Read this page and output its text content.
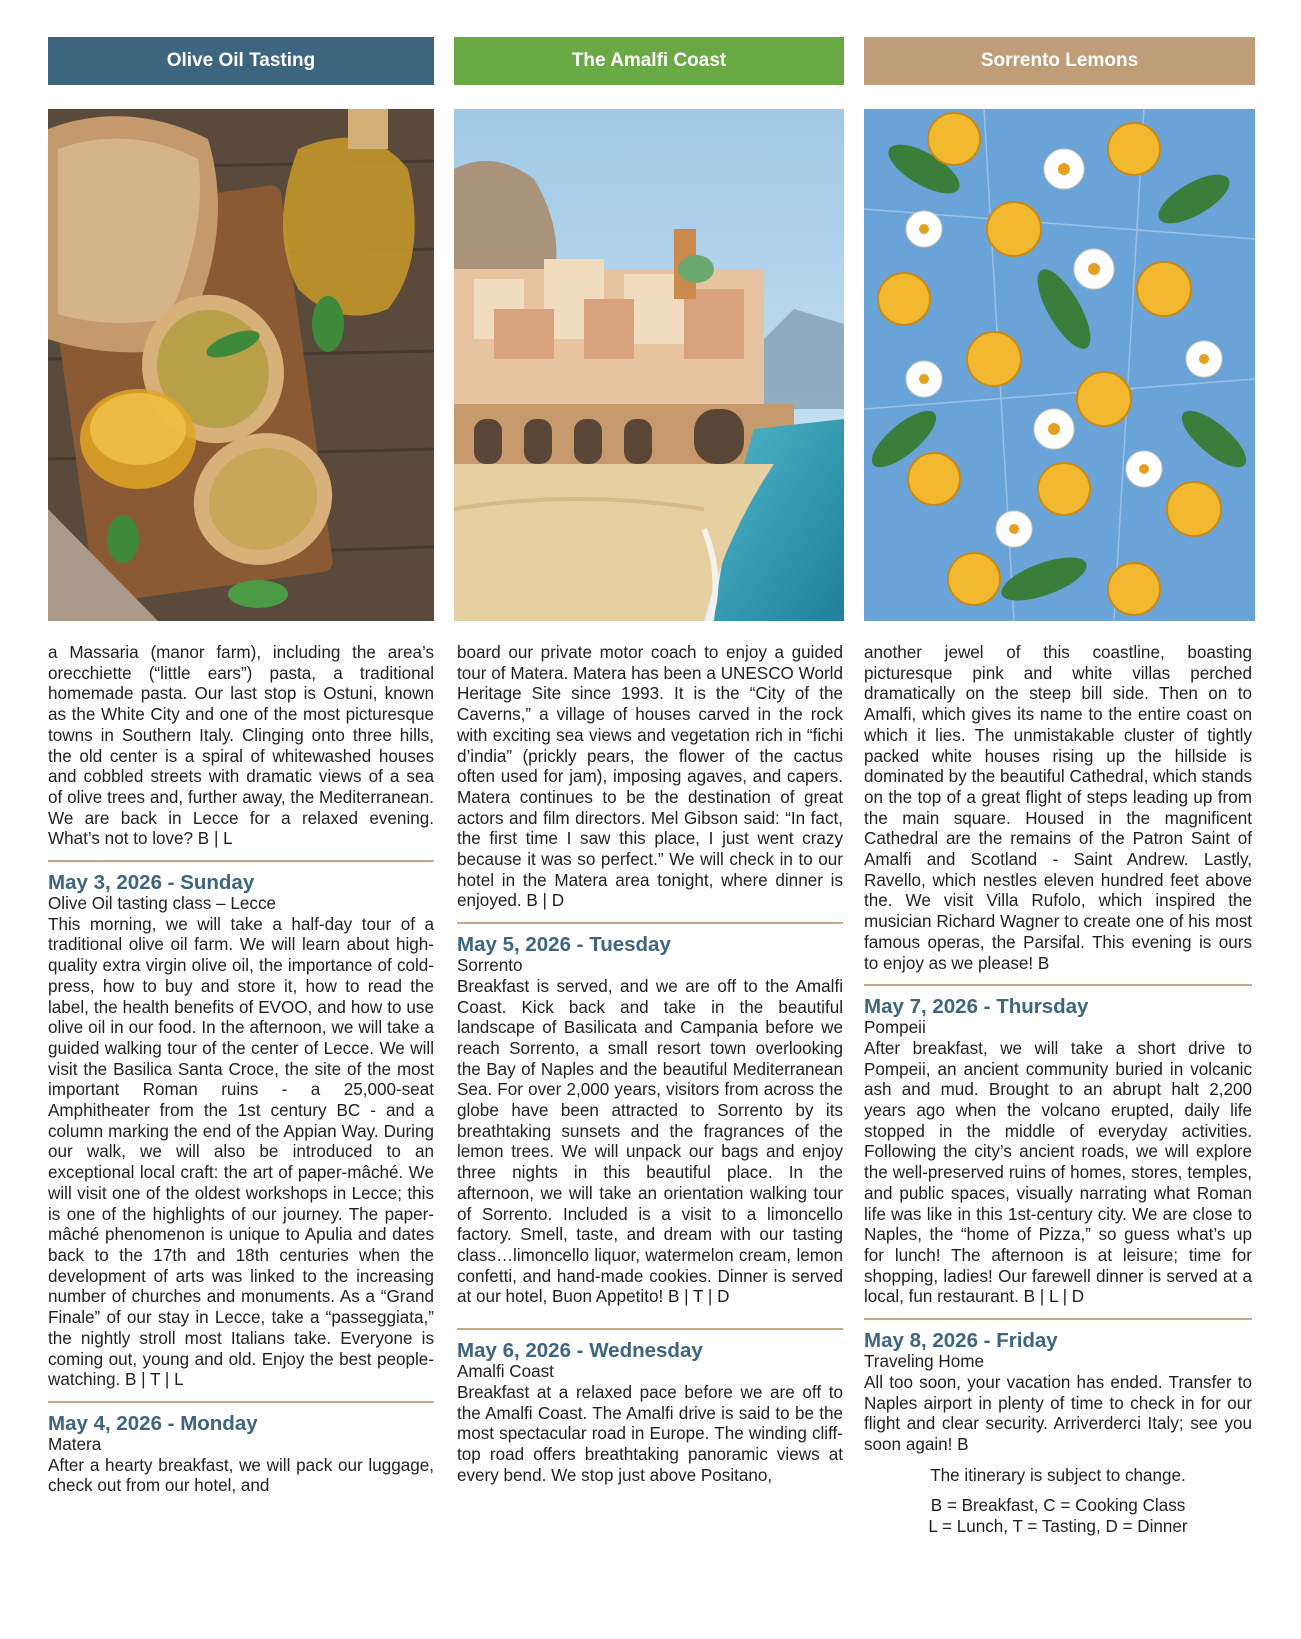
Olive Oil Tasting	The Amalfi Coast	Sorrento Lemons

a Massaria (manor farm), including the area’s orecchiette (“little ears”) pasta, a traditional homemade pasta. Our last stop is Ostuni, known as the White City and one of the most picturesque towns in Southern Italy. Clinging onto three hills, the old center is a spiral of whitewashed houses and cobbled streets with dramatic views of a sea of olive trees and, further away, the Mediterranean. We are back in Lecce for a relaxed evening. What’s not to love? B | L

May 3, 2026 - Sunday
Olive Oil tasting class – Lecce

This morning, we will take a half-day tour of a traditional olive oil farm. We will learn about high-quality extra virgin olive oil, the importance of cold-press, how to buy and store it, how to read the label, the health benefits of EVOO, and how to use olive oil in our food. In the afternoon, we will take a guided walking tour of the center of Lecce. We will visit the Basilica Santa Croce, the site of the most important Roman ruins - a 25,000-seat Amphitheater from the 1st century BC - and a column marking the end of the Appian Way. During our walk, we will also be introduced to an exceptional local craft: the art of paper-mâché. We will visit one of the oldest workshops in Lecce; this is one of the highlights of our journey. The paper-mâché phenomenon is unique to Apulia and dates back to the 17th and 18th centuries when the development of arts was linked to the increasing number of churches and monuments. As a “Grand Finale” of our stay in Lecce, take a “passeggiata,” the nightly stroll most Italians take. Everyone is coming out, young and old. Enjoy the best people-watching. B | T | L

May 4, 2026 - Monday
Matera

After a hearty breakfast, we will pack our luggage, check out from our hotel, and

board our private motor coach to enjoy a guided tour of Matera. Matera has been a UNESCO World Heritage Site since 1993. It is the “City of the Caverns,” a village of houses carved in the rock with exciting sea views and vegetation rich in “fichi d’india” (prickly pears, the flower of the cactus often used for jam), imposing agaves, and capers. Matera continues to be the destination of great actors and film directors. Mel Gibson said: “In fact, the first time I saw this place, I just went crazy because it was so perfect.” We will check in to our hotel in the Matera area tonight, where dinner is enjoyed. B | D

May 5, 2026 - Tuesday
Sorrento

Breakfast is served, and we are off to the Amalfi Coast. Kick back and take in the beautiful landscape of Basilicata and Campania before we reach Sorrento, a small resort town overlooking the Bay of Naples and the beautiful Mediterranean Sea. For over 2,000 years, visitors from across the globe have been attracted to Sorrento by its breathtaking sunsets and the fragrances of the lemon trees. We will unpack our bags and enjoy three nights in this beautiful place. In the afternoon, we will take an orientation walking tour of Sorrento. Included is a visit to a limoncello factory. Smell, taste, and dream with our tasting class…limoncello liquor, watermelon cream, lemon confetti, and hand-made cookies. Dinner is served at our hotel, Buon Appetito! B | T | D

May 6, 2026 - Wednesday
Amalfi Coast

Breakfast at a relaxed pace before we are off to the Amalfi Coast. The Amalfi drive is said to be the most spectacular road in Europe. The winding cliff-top road offers breathtaking panoramic views at every bend. We stop just above Positano,

another jewel of this coastline, boasting picturesque pink and white villas perched dramatically on the steep bill side. Then on to Amalfi, which gives its name to the entire coast on which it lies. The unmistakable cluster of tightly packed white houses rising up the hillside is dominated by the beautiful Cathedral, which stands on the top of a great flight of steps leading up from the main square. Housed in the magnificent Cathedral are the remains of the Patron Saint of Amalfi and Scotland - Saint Andrew. Lastly, Ravello, which nestles eleven hundred feet above the. We visit Villa Rufolo, which inspired the musician Richard Wagner to create one of his most famous operas, the Parsifal. This evening is ours to enjoy as we please! B

May 7, 2026 - Thursday
Pompeii

After breakfast, we will take a short drive to Pompeii, an ancient community buried in volcanic ash and mud. Brought to an abrupt halt 2,200 years ago when the volcano erupted, daily life stopped in the middle of everyday activities. Following the city’s ancient roads, we will explore the well-preserved ruins of homes, stores, temples, and public spaces, visually narrating what Roman life was like in this 1st-century city. We are close to Naples, the “home of Pizza,” so guess what’s up for lunch! The afternoon is at leisure; time for shopping, ladies! Our farewell dinner is served at a local, fun restaurant. B | L | D

May 8, 2026 - Friday
Traveling Home

All too soon, your vacation has ended. Transfer to Naples airport in plenty of time to check in for our flight and clear security. Arriverderci Italy; see you soon again! B

The itinerary is subject to change.

B = Breakfast, C = Cooking Class

L = Lunch, T = Tasting, D = Dinner
